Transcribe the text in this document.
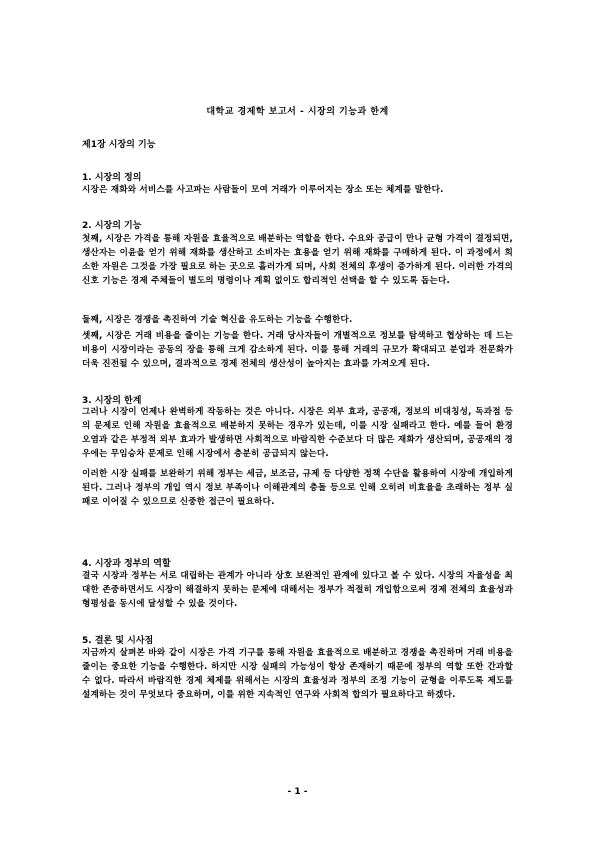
대학교 경제학 보고서 - 시장의 기능과 한계
제1장 시장의 기능
1. 시장의 정의
시장은 재화와 서비스를 사고파는 사람들이 모여 거래가 이루어지는 장소 또는 체계를 말한다.
2. 시장의 기능
첫째, 시장은 가격을 통해 자원을 효율적으로 배분하는 역할을 한다. 수요와 공급이 만나 균형 가격이 결정되면, 생산자는 이윤을 얻기 위해 재화를 생산하고 소비자는 효용을 얻기 위해 재화를 구매하게 된다. 이 과정에서 희소한 자원은 그것을 가장 필요로 하는 곳으로 흘러가게 되며, 사회 전체의 후생이 증가하게 된다. 이러한 가격의 신호 기능은 경제 주체들이 별도의 명령이나 계획 없이도 합리적인 선택을 할 수 있도록 돕는다.
둘째, 시장은 경쟁을 촉진하여 기술 혁신을 유도하는 기능을 수행한다.
셋째, 시장은 거래 비용을 줄이는 기능을 한다. 거래 당사자들이 개별적으로 정보를 탐색하고 협상하는 데 드는 비용이 시장이라는 공동의 장을 통해 크게 감소하게 된다. 이를 통해 거래의 규모가 확대되고 분업과 전문화가 더욱 진전될 수 있으며, 결과적으로 경제 전체의 생산성이 높아지는 효과를 가져오게 된다.
3. 시장의 한계
그러나 시장이 언제나 완벽하게 작동하는 것은 아니다. 시장은 외부 효과, 공공재, 정보의 비대칭성, 독과점 등의 문제로 인해 자원을 효율적으로 배분하지 못하는 경우가 있는데, 이를 시장 실패라고 한다. 예를 들어 환경 오염과 같은 부정적 외부 효과가 발생하면 사회적으로 바람직한 수준보다 더 많은 재화가 생산되며, 공공재의 경우에는 무임승차 문제로 인해 시장에서 충분히 공급되지 않는다.
이러한 시장 실패를 보완하기 위해 정부는 세금, 보조금, 규제 등 다양한 정책 수단을 활용하여 시장에 개입하게 된다. 그러나 정부의 개입 역시 정보 부족이나 이해관계의 충돌 등으로 인해 오히려 비효율을 초래하는 정부 실패로 이어질 수 있으므로 신중한 접근이 필요하다.
4. 시장과 정부의 역할
결국 시장과 정부는 서로 대립하는 관계가 아니라 상호 보완적인 관계에 있다고 볼 수 있다. 시장의 자율성을 최대한 존중하면서도 시장이 해결하지 못하는 문제에 대해서는 정부가 적절히 개입함으로써 경제 전체의 효율성과 형평성을 동시에 달성할 수 있을 것이다.
5. 결론 및 시사점
지금까지 살펴본 바와 같이 시장은 가격 기구를 통해 자원을 효율적으로 배분하고 경쟁을 촉진하며 거래 비용을 줄이는 중요한 기능을 수행한다. 하지만 시장 실패의 가능성이 항상 존재하기 때문에 정부의 역할 또한 간과할 수 없다. 따라서 바람직한 경제 체제를 위해서는 시장의 효율성과 정부의 조정 기능이 균형을 이루도록 제도를 설계하는 것이 무엇보다 중요하며, 이를 위한 지속적인 연구와 사회적 합의가 필요하다고 하겠다.
- 1 -
